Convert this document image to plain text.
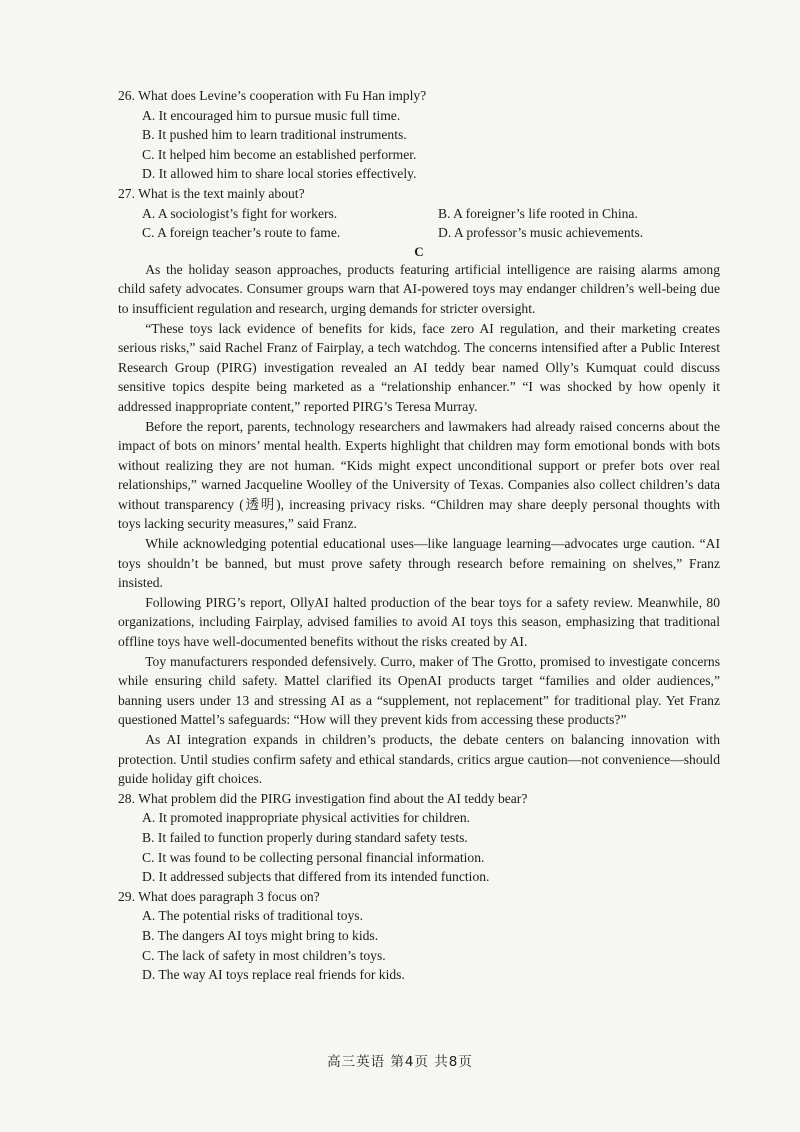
26. What does Levine’s cooperation with Fu Han imply?

A. It encouraged him to pursue music full time.

B. It pushed him to learn traditional instruments.

C. It helped him become an established performer.

D. It allowed him to share local stories effectively.

27. What is the text mainly about?

A. A sociologist’s fight for workers.	B. A foreigner’s life rooted in China.

C. A foreign teacher’s route to fame.	D. A professor’s music achievements.

C

As the holiday season approaches, products featuring artificial intelligence are raising alarms among child safety advocates. Consumer groups warn that AI-powered toys may endanger children’s well-being due to insufficient regulation and research, urging demands for stricter oversight.

“These toys lack evidence of benefits for kids, face zero AI regulation, and their marketing creates serious risks,” said Rachel Franz of Fairplay, a tech watchdog. The concerns intensified after a Public Interest Research Group (PIRG) investigation revealed an AI teddy bear named Olly’s Kumquat could discuss sensitive topics despite being marketed as a “relationship enhancer.” “I was shocked by how openly it addressed inappropriate content,” reported PIRG’s Teresa Murray.

Before the report, parents, technology researchers and lawmakers had already raised concerns about the impact of bots on minors’ mental health. Experts highlight that children may form emotional bonds with bots without realizing they are not human. “Kids might expect unconditional support or prefer bots over real relationships,” warned Jacqueline Woolley of the University of Texas. Companies also collect children’s data without transparency (透明), increasing privacy risks. “Children may share deeply personal thoughts with toys lacking security measures,” said Franz.

While acknowledging potential educational uses—like language learning—advocates urge caution. “AI toys shouldn’t be banned, but must prove safety through research before remaining on shelves,” Franz insisted.

Following PIRG’s report, OllyAI halted production of the bear toys for a safety review. Meanwhile, 80 organizations, including Fairplay, advised families to avoid AI toys this season, emphasizing that traditional offline toys have well-documented benefits without the risks created by AI.

Toy manufacturers responded defensively. Curro, maker of The Grotto, promised to investigate concerns while ensuring child safety. Mattel clarified its OpenAI products target “families and older audiences,” banning users under 13 and stressing AI as a “supplement, not replacement” for traditional play. Yet Franz questioned Mattel’s safeguards: “How will they prevent kids from accessing these products?”

As AI integration expands in children’s products, the debate centers on balancing innovation with protection. Until studies confirm safety and ethical standards, critics argue caution—not convenience—should guide holiday gift choices.

28. What problem did the PIRG investigation find about the AI teddy bear?

A. It promoted inappropriate physical activities for children.

B. It failed to function properly during standard safety tests.

C. It was found to be collecting personal financial information.

D. It addressed subjects that differed from its intended function.

29. What does paragraph 3 focus on?

A. The potential risks of traditional toys.

B. The dangers AI toys might bring to kids.

C. The lack of safety in most children’s toys.

D. The way AI toys replace real friends for kids.

高三英语 第4页 共8页
